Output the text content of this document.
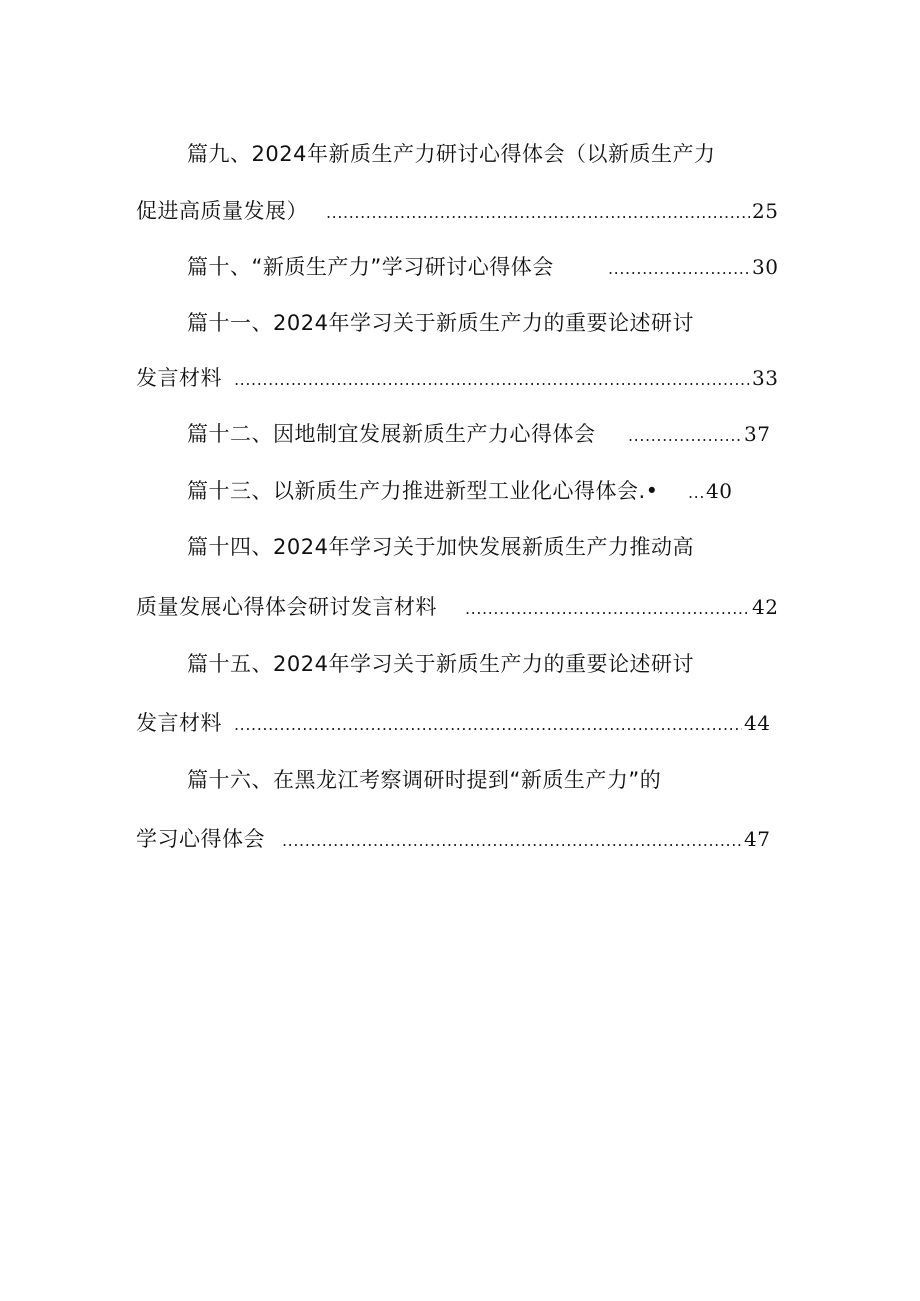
篇九、2024年新质生产力研讨心得体会（以新质生产力
促进高质量发展） .....	25
篇十、“新质生产力”学习研讨心得体会 .....	30
篇十一、2024年学习关于新质生产力的重要论述研讨
发言材料 .....	33
篇十二、因地制宜发展新质生产力心得体会 .....	37
篇十三、以新质生产力推进新型工业化心得体会.• ..... 40
篇十四、2024年学习关于加快发展新质生产力推动高
质量发展心得体会研讨发言材料 .....	42
篇十五、2024年学习关于新质生产力的重要论述研讨
发言材料 .....	44
篇十六、在黑龙江考察调研时提到“新质生产力”的
学习心得体会 .....	47
